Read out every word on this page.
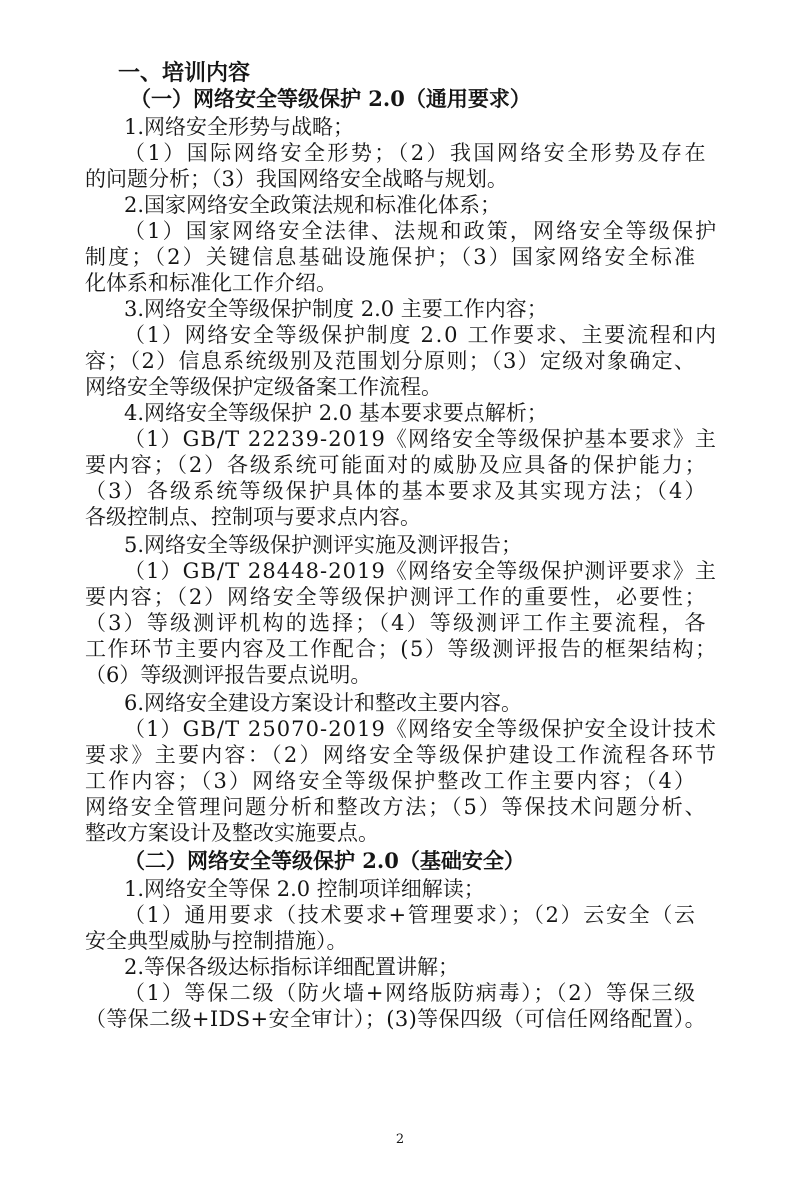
一、培训内容
（一）网络安全等级保护 2.0（通用要求）
1.网络安全形势与战略；
（1）国际网络安全形势；（2）我国网络安全形势及存在
的问题分析；（3）我国网络安全战略与规划。
2.国家网络安全政策法规和标准化体系；
（1）国家网络安全法律、法规和政策，网络安全等级保护
制度；（2）关键信息基础设施保护；（3）国家网络安全标准
化体系和标准化工作介绍。
3.网络安全等级保护制度 2.0 主要工作内容；
（1）网络安全等级保护制度 2.0 工作要求、主要流程和内
容；（2）信息系统级别及范围划分原则；（3）定级对象确定、
网络安全等级保护定级备案工作流程。
4.网络安全等级保护 2.0 基本要求要点解析；
（1）GB/T 22239-2019《网络安全等级保护基本要求》主
要内容；（2）各级系统可能面对的威胁及应具备的保护能力；
（3）各级系统等级保护具体的基本要求及其实现方法；（4）
各级控制点、控制项与要求点内容。
5.网络安全等级保护测评实施及测评报告；
（1）GB/T 28448-2019《网络安全等级保护测评要求》主
要内容；（2）网络安全等级保护测评工作的重要性，必要性；
（3）等级测评机构的选择；（4）等级测评工作主要流程，各
工作环节主要内容及工作配合；(5）等级测评报告的框架结构；
（6）等级测评报告要点说明。
6.网络安全建设方案设计和整改主要内容。
（1）GB/T 25070-2019《网络安全等级保护安全设计技术
要求》主要内容：（2）网络安全等级保护建设工作流程各环节
工作内容；（3）网络安全等级保护整改工作主要内容；（4）
网络安全管理问题分析和整改方法；（5）等保技术问题分析、
整改方案设计及整改实施要点。
（二）网络安全等级保护 2.0（基础安全）
1.网络安全等保 2.0 控制项详细解读；
（1）通用要求（技术要求+管理要求）；（2）云安全（云
安全典型威胁与控制措施）。
2.等保各级达标指标详细配置讲解；
（1）等保二级（防火墙+网络版防病毒）；（2）等保三级
（等保二级+IDS+安全审计）；(3)等保四级（可信任网络配置）。
2
